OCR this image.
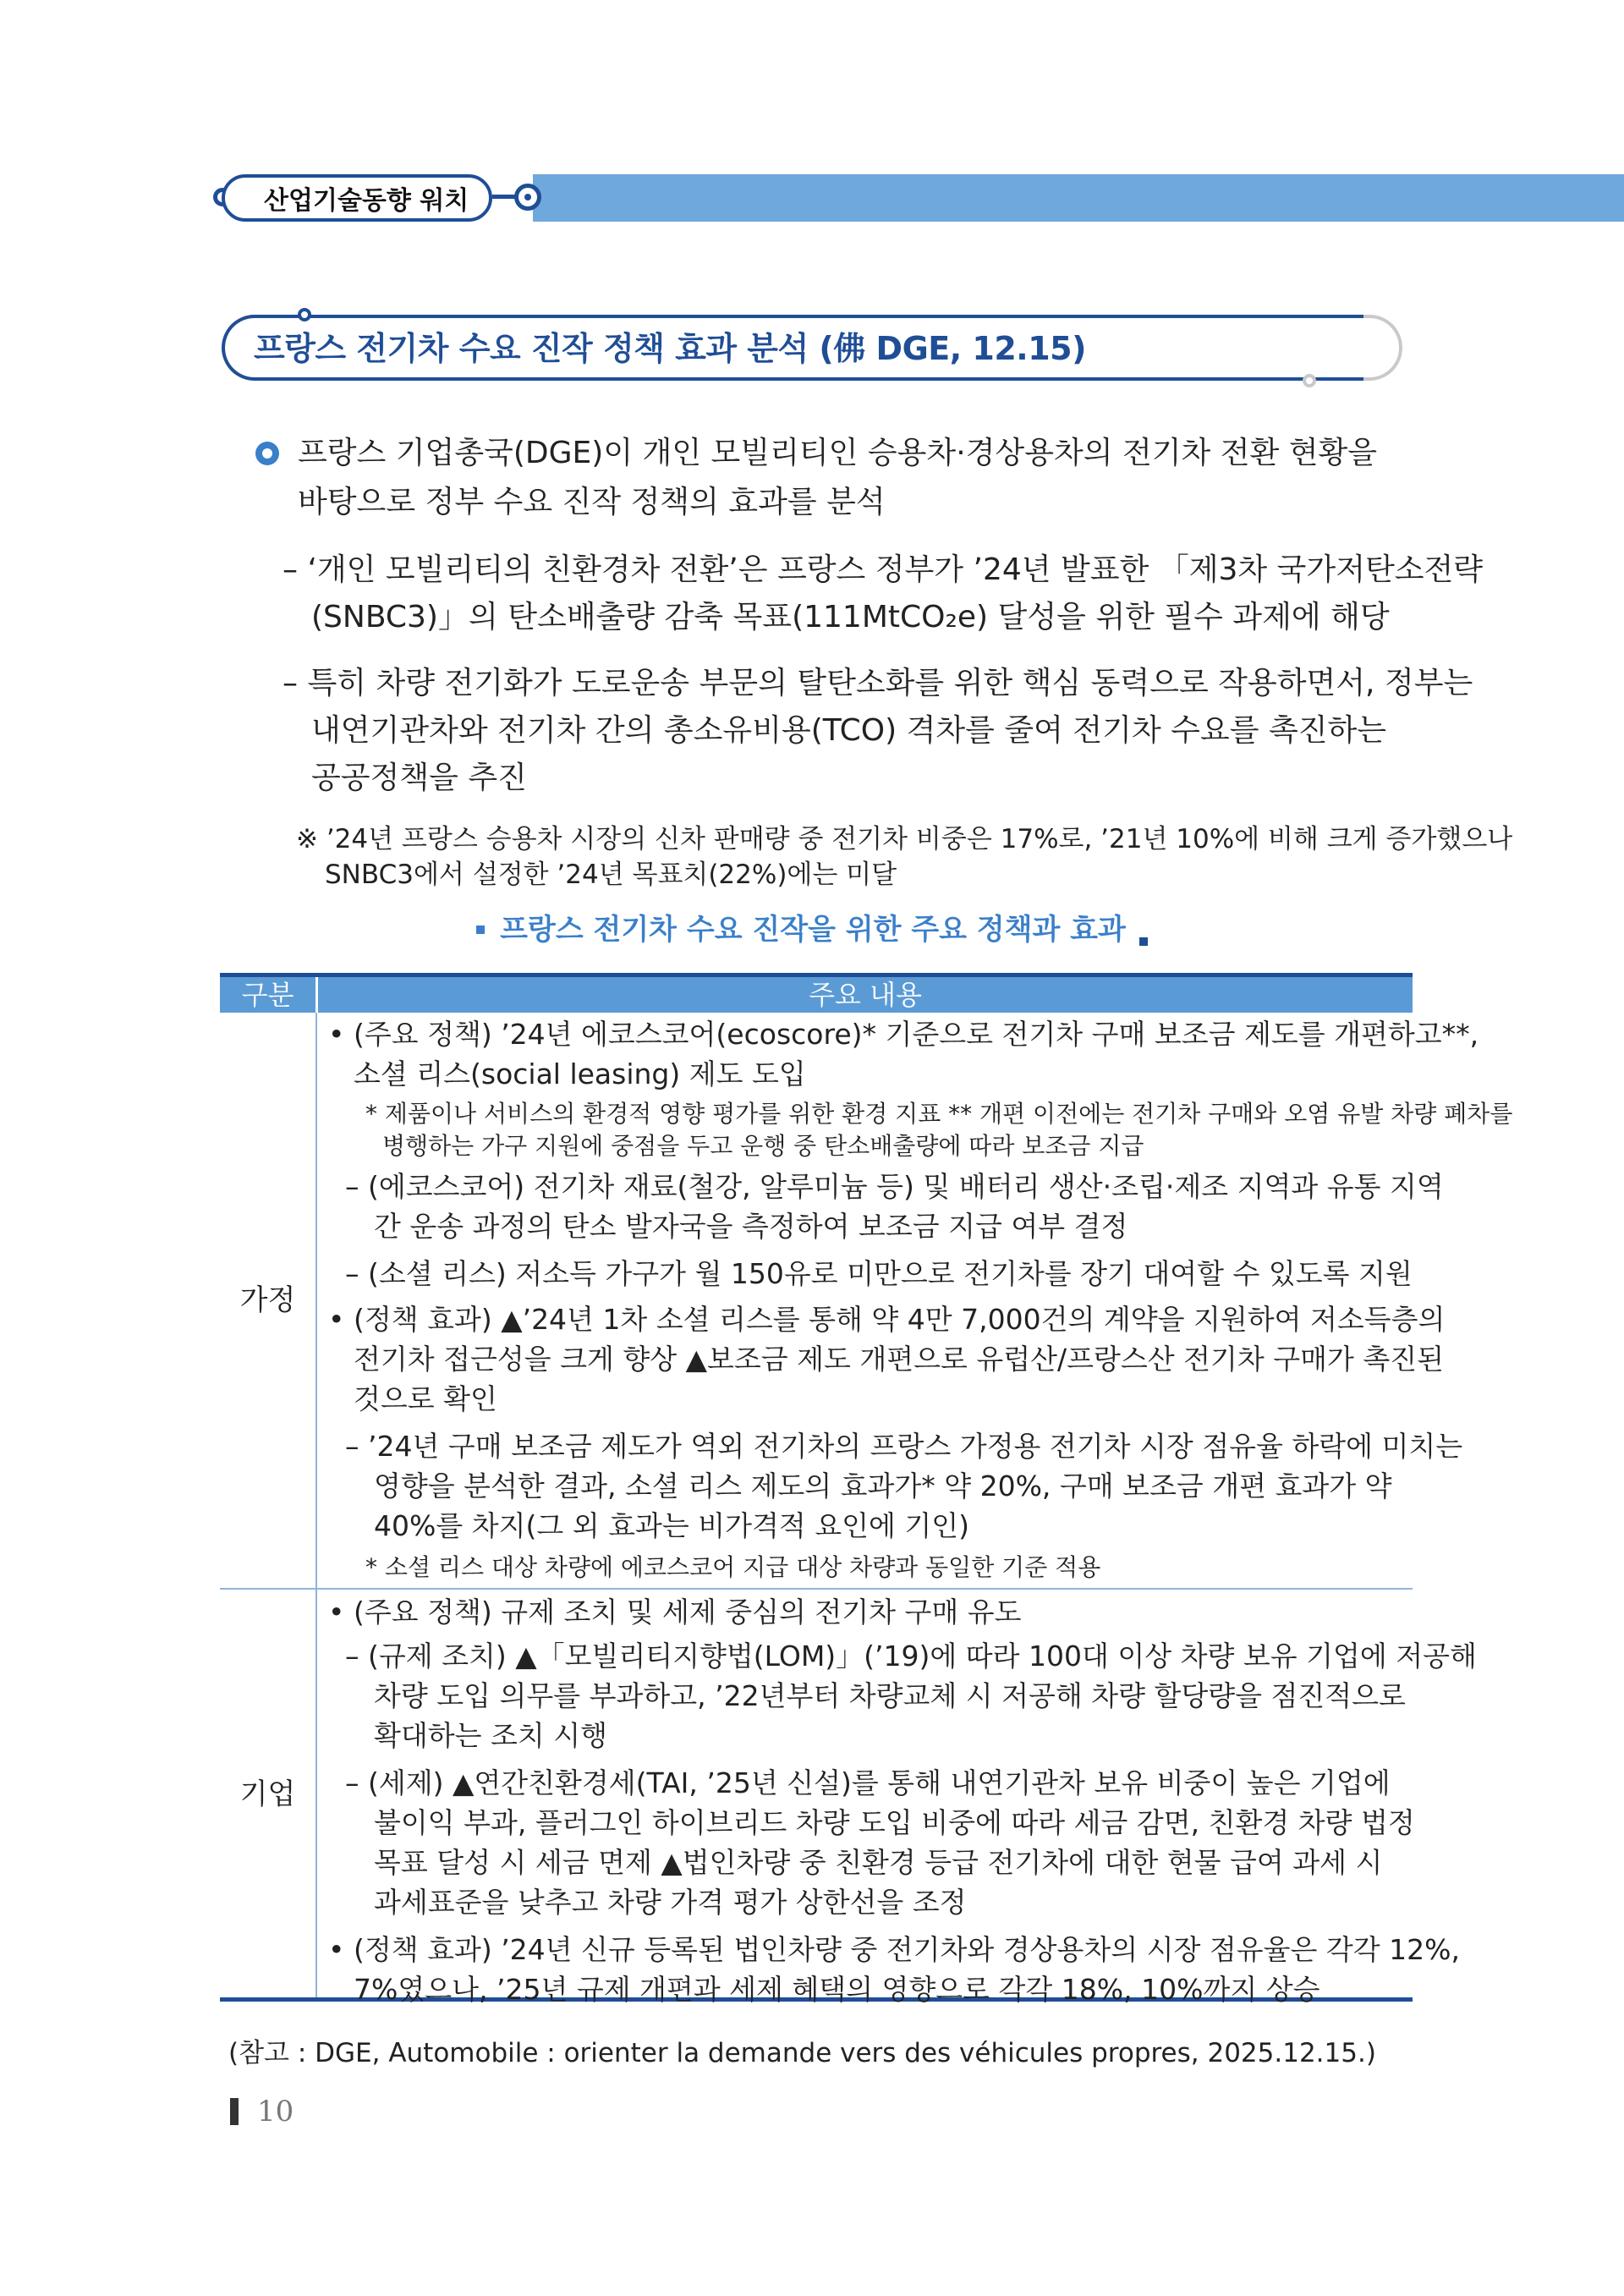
산업기술동향 워치
프랑스 전기차 수요 진작 정책 효과 분석 (佛 DGE, 12.15)
프랑스 기업총국(DGE)이 개인 모빌리티인 승용차·경상용차의 전기차 전환 현황을
바탕으로 정부 수요 진작 정책의 효과를 분석
– ‘개인 모빌리티의 친환경차 전환’은 프랑스 정부가 ’24년 발표한 「제3차 국가저탄소전략
(SNBC3)」의 탄소배출량 감축 목표(111MtCO₂e) 달성을 위한 필수 과제에 해당
– 특히 차량 전기화가 도로운송 부문의 탈탄소화를 위한 핵심 동력으로 작용하면서, 정부는
내연기관차와 전기차 간의 총소유비용(TCO) 격차를 줄여 전기차 수요를 촉진하는
공공정책을 추진
※ ’24년 프랑스 승용차 시장의 신차 판매량 중 전기차 비중은 17%로, ’21년 10%에 비해 크게 증가했으나
SNBC3에서 설정한 ’24년 목표치(22%)에는 미달
프랑스 전기차 수요 진작을 위한 주요 정책과 효과
구분	주요 내용
가정
기업
• (주요 정책) ’24년 에코스코어(ecoscore)* 기준으로 전기차 구매 보조금 제도를 개편하고**,
소셜 리스(social leasing) 제도 도입
* 제품이나 서비스의 환경적 영향 평가를 위한 환경 지표 ** 개편 이전에는 전기차 구매와 오염 유발 차량 폐차를
병행하는 가구 지원에 중점을 두고 운행 중 탄소배출량에 따라 보조금 지급
– (에코스코어) 전기차 재료(철강, 알루미늄 등) 및 배터리 생산·조립·제조 지역과 유통 지역
간 운송 과정의 탄소 발자국을 측정하여 보조금 지급 여부 결정
– (소셜 리스) 저소득 가구가 월 150유로 미만으로 전기차를 장기 대여할 수 있도록 지원
• (정책 효과) ▲’24년 1차 소셜 리스를 통해 약 4만 7,000건의 계약을 지원하여 저소득층의
전기차 접근성을 크게 향상 ▲보조금 제도 개편으로 유럽산/프랑스산 전기차 구매가 촉진된
것으로 확인
– ’24년 구매 보조금 제도가 역외 전기차의 프랑스 가정용 전기차 시장 점유율 하락에 미치는
영향을 분석한 결과, 소셜 리스 제도의 효과가* 약 20%, 구매 보조금 개편 효과가 약
40%를 차지(그 외 효과는 비가격적 요인에 기인)
* 소셜 리스 대상 차량에 에코스코어 지급 대상 차량과 동일한 기준 적용
• (주요 정책) 규제 조치 및 세제 중심의 전기차 구매 유도
– (규제 조치) ▲「모빌리티지향법(LOM)」(’19)에 따라 100대 이상 차량 보유 기업에 저공해
차량 도입 의무를 부과하고, ’22년부터 차량교체 시 저공해 차량 할당량을 점진적으로
확대하는 조치 시행
– (세제) ▲연간친환경세(TAI, ’25년 신설)를 통해 내연기관차 보유 비중이 높은 기업에
불이익 부과, 플러그인 하이브리드 차량 도입 비중에 따라 세금 감면, 친환경 차량 법정
목표 달성 시 세금 면제 ▲법인차량 중 친환경 등급 전기차에 대한 현물 급여 과세 시
과세표준을 낮추고 차량 가격 평가 상한선을 조정
• (정책 효과) ’24년 신규 등록된 법인차량 중 전기차와 경상용차의 시장 점유율은 각각 12%,
7%였으나, ’25년 규제 개편과 세제 혜택의 영향으로 각각 18%, 10%까지 상승
(참고 : DGE, Automobile : orienter la demande vers des véhicules propres, 2025.12.15.)
10
